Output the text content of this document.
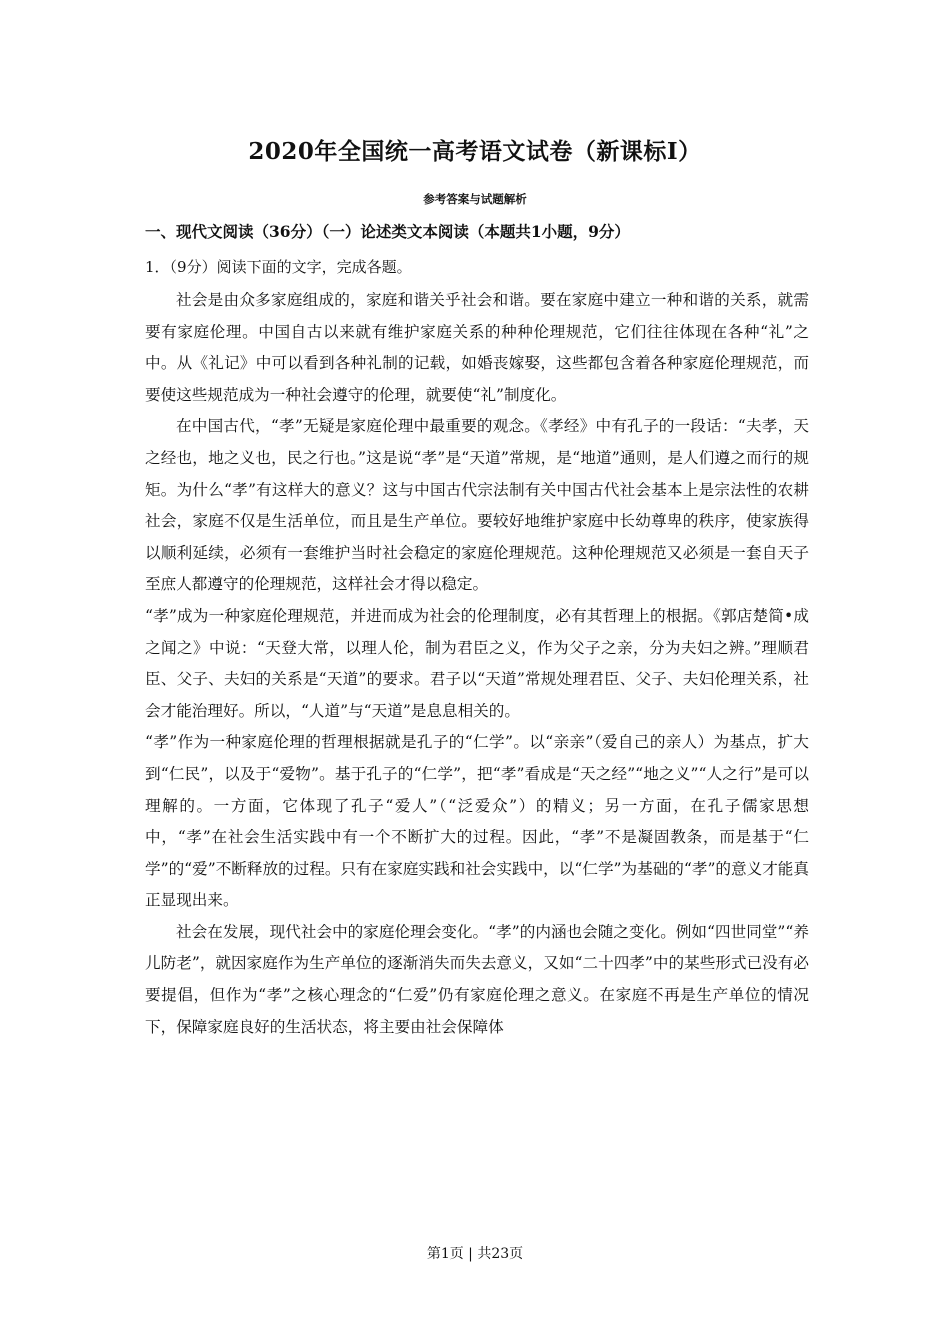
2020年全国统一高考语文试卷（新课标Ⅰ）
参考答案与试题解析
一、现代文阅读（36分）（一）论述类文本阅读（本题共1小题，9分）
1．（9分）阅读下面的文字，完成各题。

社会是由众多家庭组成的，家庭和谐关乎社会和谐。要在家庭中建立一种和谐的关系，就需要有家庭伦理。中国自古以来就有维护家庭关系的种种伦理规范，它们往往体现在各种“礼”之中。从《礼记》中可以看到各种礼制的记载，如婚丧嫁娶，这些都包含着各种家庭伦理规范，而要使这些规范成为一种社会遵守的伦理，就要使“礼”制度化。

在中国古代，“孝”无疑是家庭伦理中最重要的观念。《孝经》中有孔子的一段话：“夫孝，天之经也，地之义也，民之行也。”这是说“孝”是“天道”常规，是“地道”通则，是人们遵之而行的规矩。为什么“孝”有这样大的意义？这与中国古代宗法制有关中国古代社会基本上是宗法性的农耕社会，家庭不仅是生活单位，而且是生产单位。要较好地维护家庭中长幼尊卑的秩序，使家族得以顺利延续，必须有一套维护当时社会稳定的家庭伦理规范。这种伦理规范又必须是一套自天子至庶人都遵守的伦理规范，这样社会才得以稳定。

“孝”成为一种家庭伦理规范，并进而成为社会的伦理制度，必有其哲理上的根据。《郭店楚简•成之闻之》中说：“天登大常，以理人伦，制为君臣之义，作为父子之亲，分为夫妇之辨。”理顺君臣、父子、夫妇的关系是“天道”的要求。君子以“天道”常规处理君臣、父子、夫妇伦理关系，社会才能治理好。所以，“人道”与“天道”是息息相关的。

“孝”作为一种家庭伦理的哲理根据就是孔子的“仁学”。以“亲亲”（爱自己的亲人）为基点，扩大到“仁民”，以及于“爱物”。基于孔子的“仁学”，把“孝”看成是“天之经”“地之义”“人之行”是可以理解的。一方面，它体现了孔子“爱人”（“泛爱众”）的精义；另一方面，在孔子儒家思想中，“孝”在社会生活实践中有一个不断扩大的过程。因此，“孝”不是凝固教条，而是基于“仁学”的“爱”不断释放的过程。只有在家庭实践和社会实践中，以“仁学”为基础的“孝”的意义才能真正显现出来。

社会在发展，现代社会中的家庭伦理会变化。“孝”的内涵也会随之变化。例如“四世同堂”“养儿防老”，就因家庭作为生产单位的逐渐消失而失去意义，又如“二十四孝”中的某些形式已没有必要提倡，但作为“孝”之核心理念的“仁爱”仍有家庭伦理之意义。在家庭不再是生产单位的情况下，保障家庭良好的生活状态，将主要由社会保障体

第1页 | 共23页
